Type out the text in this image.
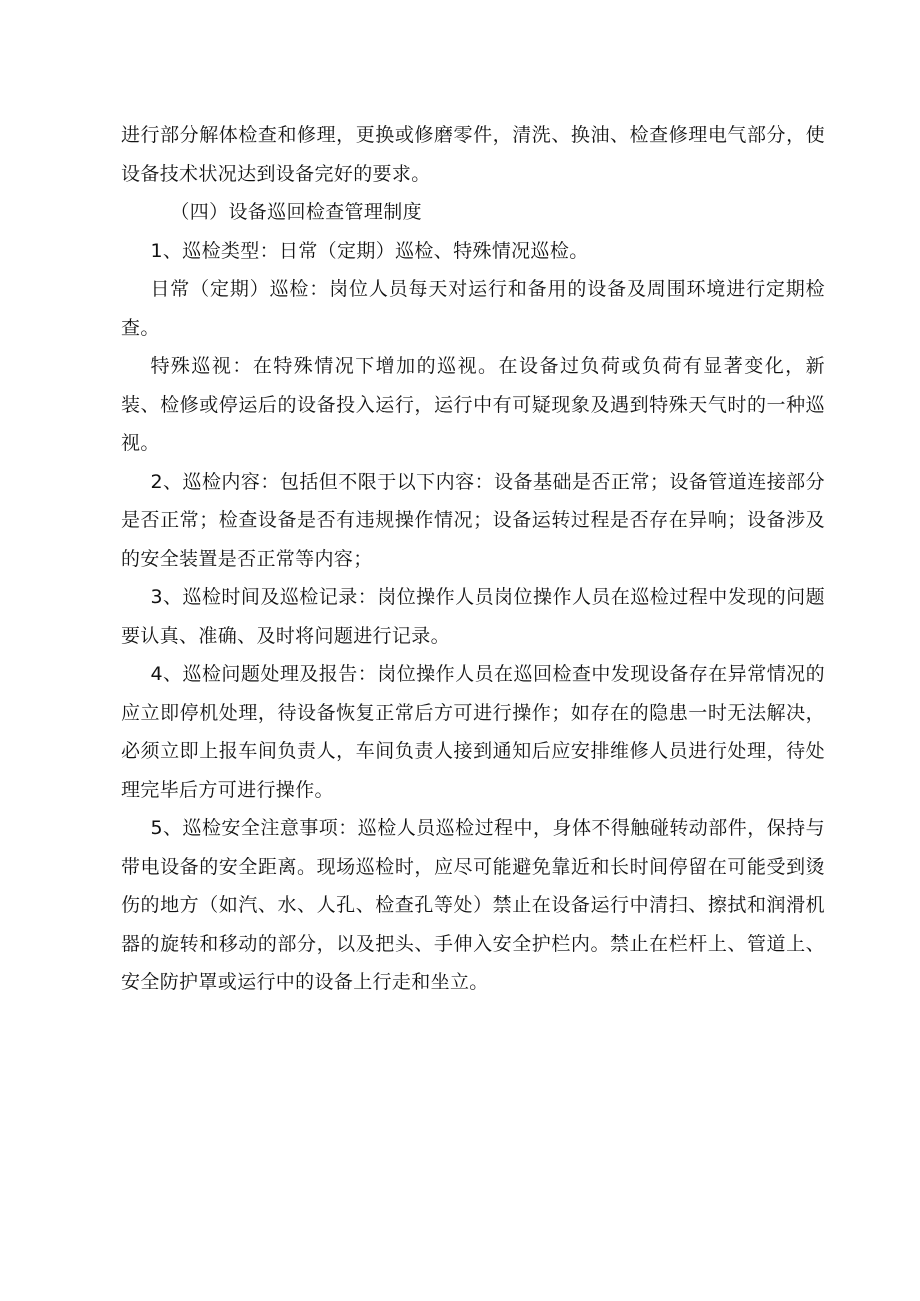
进行部分解体检查和修理，更换或修磨零件，清洗、换油、检查修理电气部分，使设备技术状况达到设备完好的要求。

（四）设备巡回检查管理制度

1、巡检类型：日常（定期）巡检、特殊情况巡检。

日常（定期）巡检：岗位人员每天对运行和备用的设备及周围环境进行定期检查。

特殊巡视：在特殊情况下增加的巡视。在设备过负荷或负荷有显著变化，新装、检修或停运后的设备投入运行，运行中有可疑现象及遇到特殊天气时的一种巡视。

2、巡检内容：包括但不限于以下内容：设备基础是否正常；设备管道连接部分是否正常；检查设备是否有违规操作情况；设备运转过程是否存在异响；设备涉及的安全装置是否正常等内容；

3、巡检时间及巡检记录：岗位操作人员岗位操作人员在巡检过程中发现的问题要认真、准确、及时将问题进行记录。

4、巡检问题处理及报告：岗位操作人员在巡回检查中发现设备存在异常情况的应立即停机处理，待设备恢复正常后方可进行操作；如存在的隐患一时无法解决，必须立即上报车间负责人，车间负责人接到通知后应安排维修人员进行处理，待处理完毕后方可进行操作。

5、巡检安全注意事项：巡检人员巡检过程中，身体不得触碰转动部件，保持与带电设备的安全距离。现场巡检时，应尽可能避免靠近和长时间停留在可能受到烫伤的地方（如汽、水、人孔、检查孔等处）禁止在设备运行中清扫、擦拭和润滑机器的旋转和移动的部分，以及把头、手伸入安全护栏内。禁止在栏杆上、管道上、安全防护罩或运行中的设备上行走和坐立。
